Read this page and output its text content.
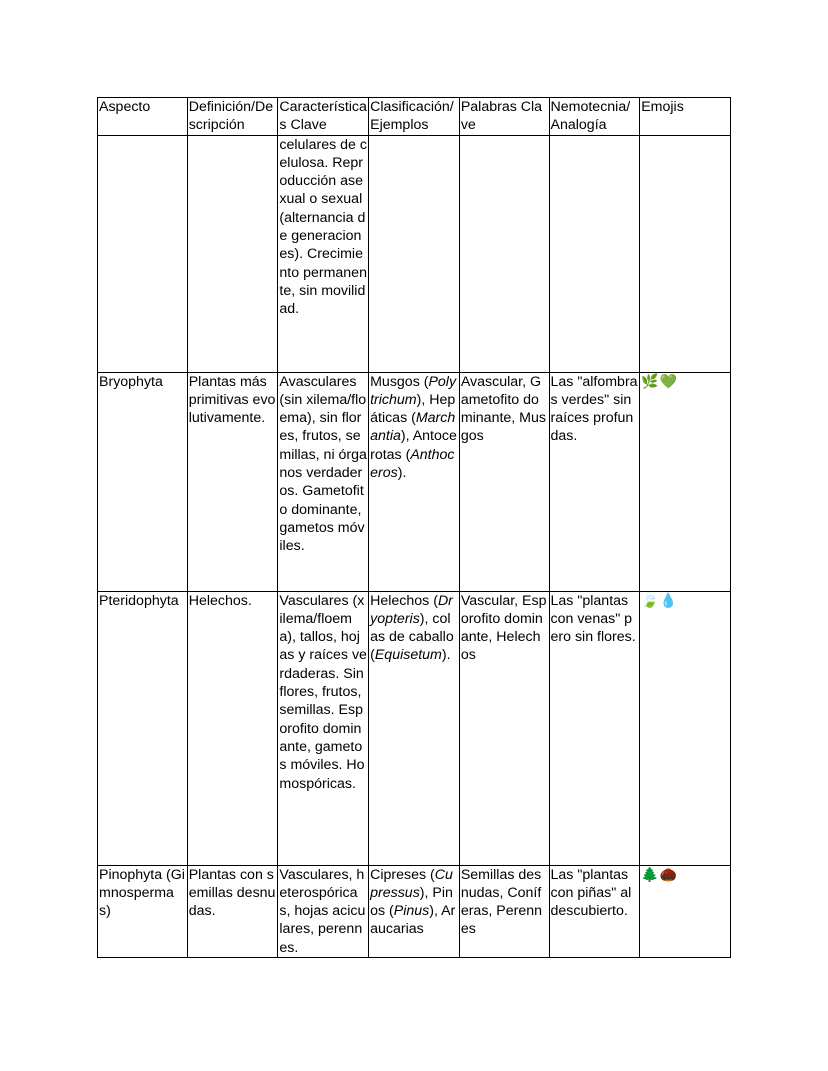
Aspecto	Definición/Descripción	Características Clave	Clasificación/Ejemplos	Palabras Clave	Nemotecnia/Analogía	Emojis
		celulares de celulosa. Reproducción asexual o sexual (alternancia de generaciones). Crecimiento permanente, sin movilidad.				
Bryophyta	Plantas más primitivas evolutivamente.	Avasculares (sin xilema/floema), sin flores, frutos, semillas, ni órganos verdaderos. Gametofito dominante, gametos móviles.	Musgos (Polytrichum), Hepáticas (Marchantia), Antocerotas (Anthoceros).	Avascular, Gametofito dominante, Musgos	Las "alfombras verdes" sin raíces profundas.	🌿💚
Pteridophyta	Helechos.	Vasculares (xilema/floema), tallos, hojas y raíces verdaderas. Sin flores, frutos, semillas. Esporofito dominante, gametos móviles. Homospóricas.	Helechos (Dryopteris), colas de caballo (Equisetum).	Vascular, Esporofito dominante, Helechos	Las "plantas con venas" pero sin flores.	🍃💧
Pinophyta (Gimnospermas)	Plantas con semillas desnudas.	Vasculares, heterospóricas, hojas aciculares, perennes.	Cipreses (Cupressus), Pinos (Pinus), Araucarias	Semillas desnudas, Coníferas, Perennes	Las "plantas con piñas" al descubierto.	🌲🌰
